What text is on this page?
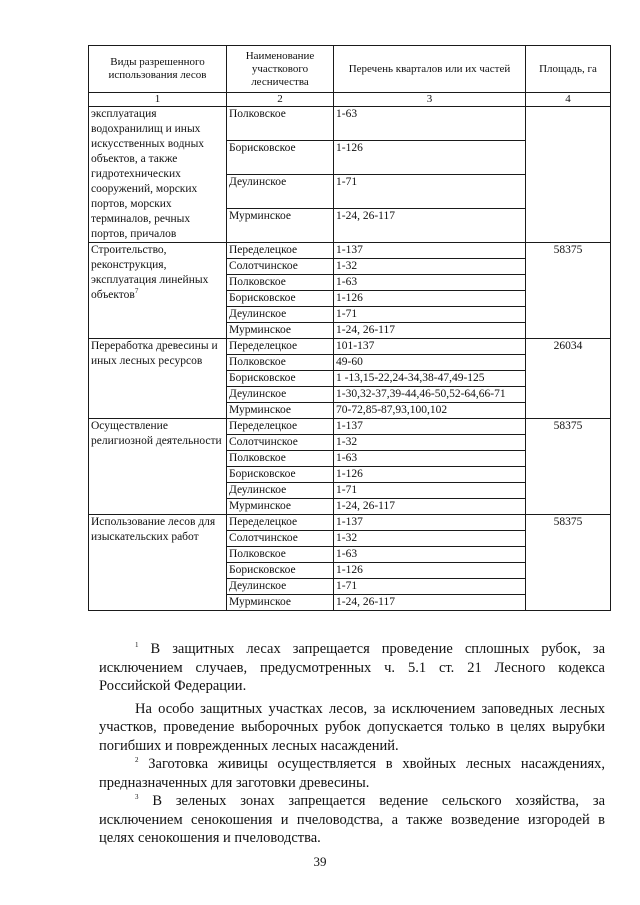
Виды разрешенного использования лесов	Наименование участкового лесничества	Перечень кварталов или их частей	Площадь, га
1	2	3	4
эксплуатация водохранилищ и иных искусственных водных объектов, а также гидротехнических сооружений, морских портов, морских терминалов, речных портов, причалов	Полковское	1-63	
	Борисковское	1-126	
	Деулинское	1-71	
	Мурминское	1-24, 26-117	
Строительство, реконструкция, эксплуатация линейных объектов$^7$	Переделецкое	1-137	58375
	Солотчинское	1-32	
	Полковское	1-63	
	Борисковское	1-126	
	Деулинское	1-71	
	Мурминское	1-24, 26-117	
Переработка древесины и иных лесных ресурсов	Переделецкое	101-137	26034
	Полковское	49-60	
	Борисковское	1 -13,15-22,24-34,38-47,49-125	
	Деулинское	1-30,32-37,39-44,46-50,52-64,66-71	
	Мурминское	70-72,85-87,93,100,102	
Осуществление религиозной деятельности	Переделецкое	1-137	58375
	Солотчинское	1-32	
	Полковское	1-63	
	Борисковское	1-126	
	Деулинское	1-71	
	Мурминское	1-24, 26-117	
Использование лесов для изыскательских работ	Переделецкое	1-137	58375
	Солотчинское	1-32	
	Полковское	1-63	
	Борисковское	1-126	
	Деулинское	1-71	
	Мурминское	1-24, 26-117	

$^1$ В защитных лесах запрещается проведение сплошных рубок, за исключением случаев, предусмотренных ч. 5.1 ст. 21 Лесного кодекса Российской Федерации.

На особо защитных участках лесов, за исключением заповедных лесных участков, проведение выборочных рубок допускается только в целях вырубки погибших и поврежденных лесных насаждений.

$^2$ Заготовка живицы осуществляется в хвойных лесных насаждениях, предназначенных для заготовки древесины.

$^3$ В зеленых зонах запрещается ведение сельского хозяйства, за исключением сенокошения и пчеловодства, а также возведение изгородей в целях сенокошения и пчеловодства.

39
